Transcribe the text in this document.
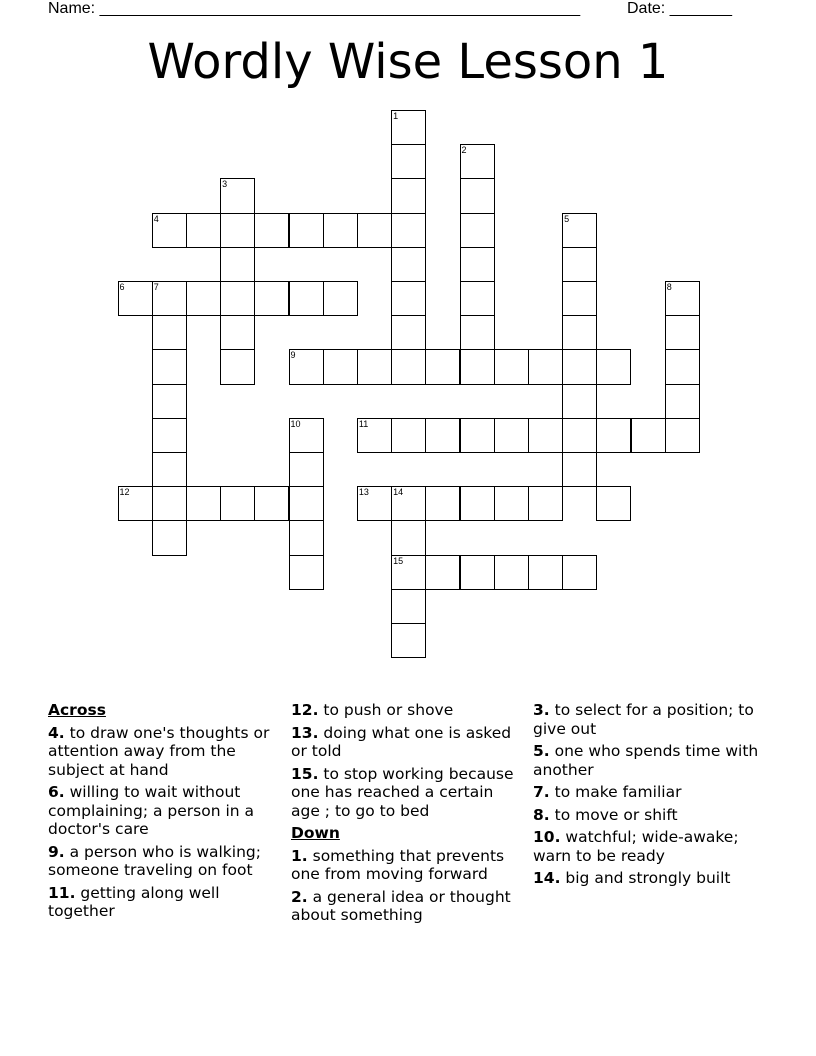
Name: ______________________________________________________	Date: _______
Wordly Wise Lesson 1
1
2
3
4	5
6	7	8
9
10	11
12	13	14
15
Across
4. to draw one's thoughts or attention away from the subject at hand
6. willing to wait without complaining; a person in a doctor's care
9. a person who is walking; someone traveling on foot
11. getting along well together
12. to push or shove
13. doing what one is asked or told
15. to stop working because one has reached a certain age ; to go to bed
Down
1. something that prevents one from moving forward
2. a general idea or thought about something
3. to select for a position; to give out
5. one who spends time with another
7. to make familiar
8. to move or shift
10. watchful; wide-awake; warn to be ready
14. big and strongly built
